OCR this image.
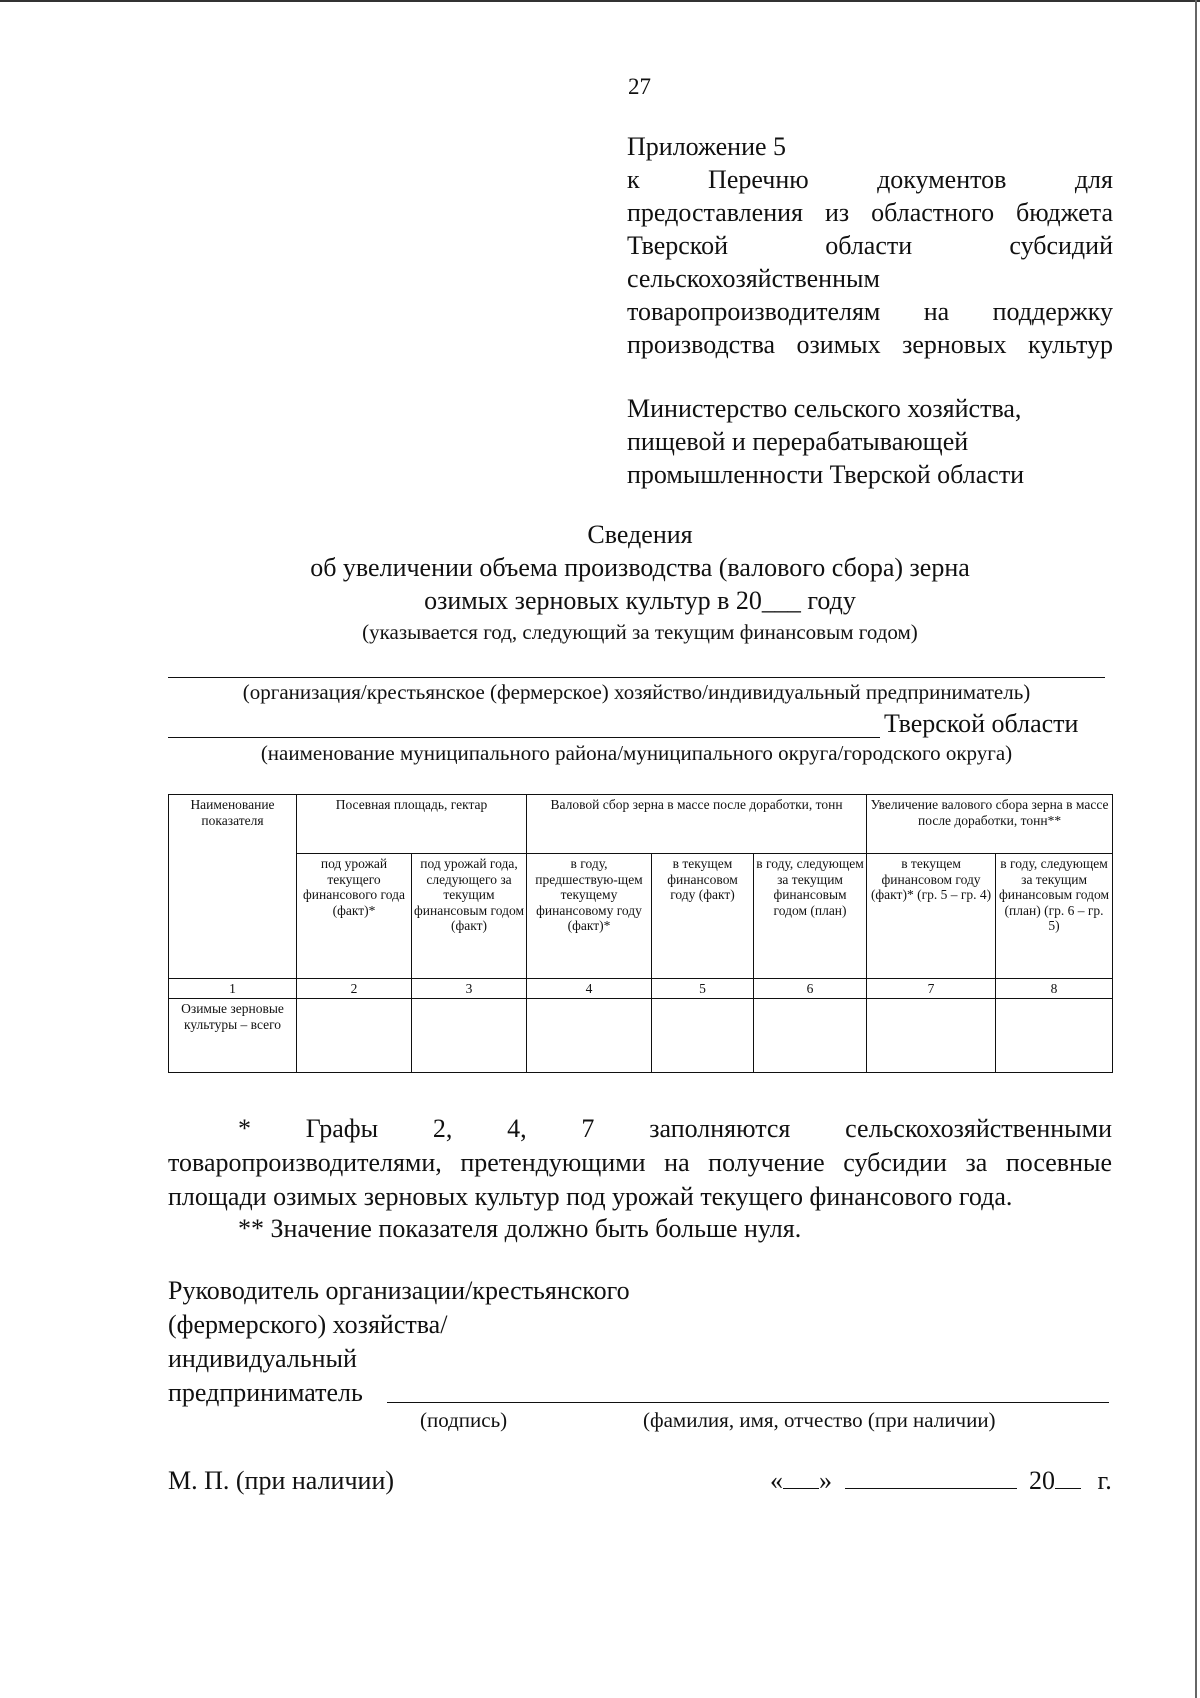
27
Приложение 5
к Перечню документов для
предоставления из областного бюджета
Тверской области субсидий
сельскохозяйственным
товаропроизводителям на поддержку
производства озимых зерновых культур
Министерство сельского хозяйства,
пищевой и перерабатывающей
промышленности Тверской области
Сведения
об увеличении объема производства (валового сбора) зерна
озимых зерновых культур в 20___ году
(указывается год, следующий за текущим финансовым годом)
(организация/крестьянское (фермерское) хозяйство/индивидуальный предприниматель)
Тверской области
(наименование муниципального района/муниципального округа/городского округа)
Наименование показателя	Посевная площадь, гектар		Валовой сбор зерна в массе после доработки, тонн			Увеличение валового сбора зерна в массе после доработки, тонн**	
	под урожай текущего финансового года (факт)*	под урожай года, следующего за текущим финансовым годом (факт)	в году, предшествую-щем текущему финансовому году (факт)*	в текущем финансовом году (факт)	в году, следующем за текущим финансовым годом (план)	в текущем финансовом году (факт)* (гр. 5 – гр. 4)	в году, следующем за текущим финансовым годом (план) (гр. 6 – гр. 5)
1	2	3	4	5	6	7	8
Озимые зерновые культуры – всего							
* Графы 2, 4, 7 заполняются сельскохозяйственными
товаропроизводителями, претендующими на получение субсидии за посевные площади озимых зерновых культур под урожай текущего финансового года.
** Значение показателя должно быть больше нуля.
Руководитель организации/крестьянского
(фермерского) хозяйства/
индивидуальный
предприниматель
(подпись)	(фамилия, имя, отчество (при наличии)
М. П. (при наличии)	« »	20 г.
